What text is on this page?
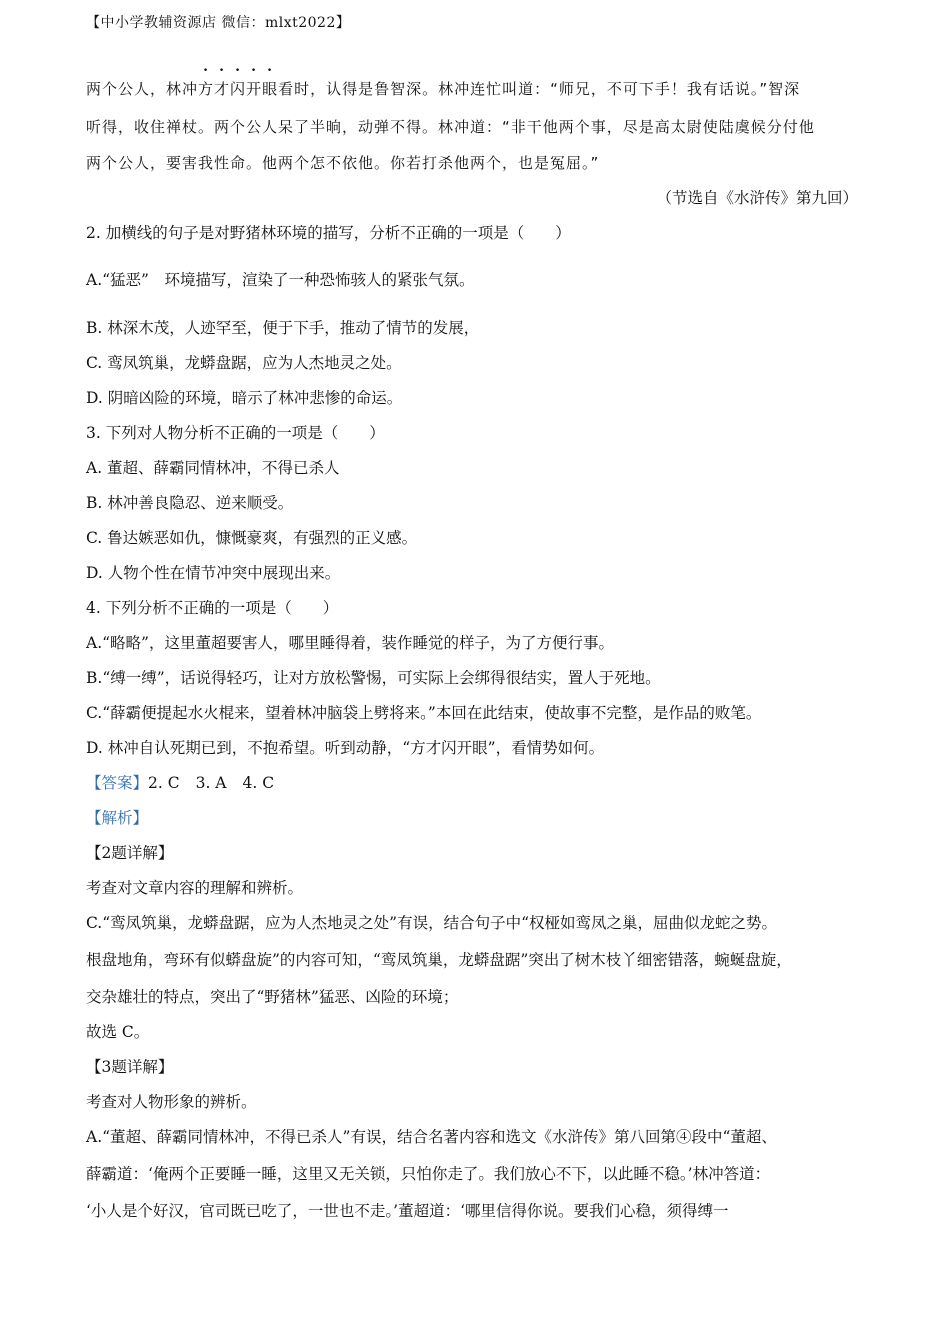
【中小学教辅资源店 微信：mlxt2022】
两个公人，林冲方才闪开眼看时，认得是鲁智深。林冲连忙叫道：“师兄，不可下手！我有话说。”智深
听得，收住禅杖。两个公人呆了半晌，动弹不得。林冲道：“非干他两个事，尽是高太尉使陆虞候分付他
两个公人，要害我性命。他两个怎不依他。你若打杀他两个，也是冤屈。”
（节选自《水浒传》第九回）
2. 加横线的句子是对野猪林环境的描写，分析不正确的一项是（　　）
A.“猛恶”　环境描写，渲染了一种恐怖骇人的紧张气氛。
B. 林深木茂，人迹罕至，便于下手，推动了情节的发展，
C. 鸾凤筑巢，龙蟒盘踞，应为人杰地灵之处。
D. 阴暗凶险的环境，暗示了林冲悲惨的命运。
3. 下列对人物分析不正确的一项是（　　）
A. 董超、薛霸同情林冲，不得已杀人
B. 林冲善良隐忍、逆来顺受。
C. 鲁达嫉恶如仇，慷慨豪爽，有强烈的正义感。
D. 人物个性在情节冲突中展现出来。
4. 下列分析不正确的一项是（　　）
A.“略略”，这里董超要害人，哪里睡得着，装作睡觉的样子，为了方便行事。
B.“缚一缚”，话说得轻巧，让对方放松警惕，可实际上会绑得很结实，置人于死地。
C.“薛霸便提起水火棍来，望着林冲脑袋上劈将来。”本回在此结束，使故事不完整，是作品的败笔。
D. 林冲自认死期已到，不抱希望。听到动静，“方才闪开眼”，看情势如何。
【答案】2. C 3. A 4. C
【解析】
【2题详解】
考查对文章内容的理解和辨析。
C.“鸾凤筑巢，龙蟒盘踞，应为人杰地灵之处”有误，结合句子中“权桠如鸾凤之巢，屈曲似龙蛇之势。
根盘地角，弯环有似蟒盘旋”的内容可知，“鸾凤筑巢，龙蟒盘踞”突出了树木枝丫细密错落，蜿蜒盘旋，
交杂雄壮的特点，突出了“野猪林”猛恶、凶险的环境；
故选 C。
【3题详解】
考查对人物形象的辨析。
A.“董超、薛霸同情林冲，不得已杀人”有误，结合名著内容和选文《水浒传》第八回第④段中“董超、
薛霸道：‘俺两个正要睡一睡，这里又无关锁，只怕你走了。我们放心不下，以此睡不稳。’林冲答道：
‘小人是个好汉，官司既已吃了，一世也不走。’董超道：‘哪里信得你说。要我们心稳，须得缚一
